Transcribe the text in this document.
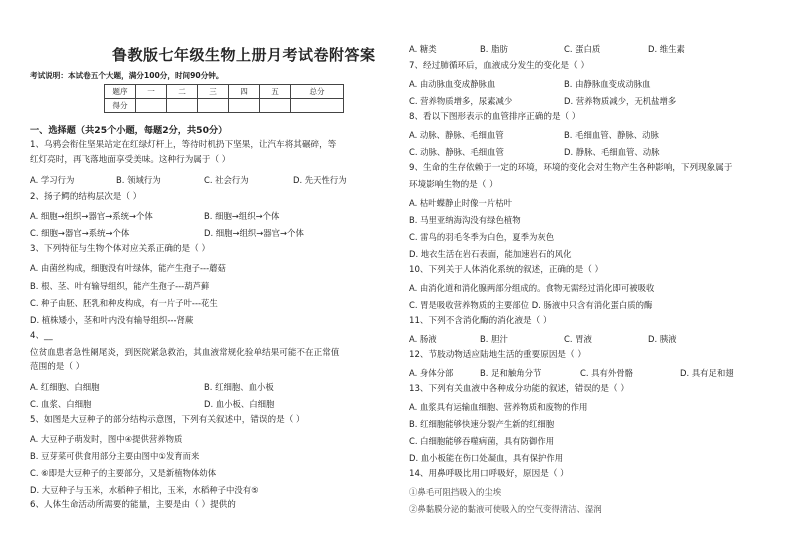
鲁教版七年级生物上册月考试卷附答案
考试说明：本试卷五个大题，满分100分，时间90分钟。
题序	一	二	三	四	五	总分
得分						
一、选择题（共25个小题，每题2分，共50分）
1、乌鸦会衔住坚果站定在红绿灯杆上，等待时机扔下坚果，让汽车将其碾碎，等
红灯亮时，再飞落地面享受美味。这种行为属于（ ）
A. 学习行为	B. 领域行为	C. 社会行为	D. 先天性行为
2、扬子鳄的结构层次是（ ）
A. 细胞→组织→器官→系统→个体	B. 细胞→组织→个体
C. 细胞→器官→系统→个体	D. 细胞→组织→器官→个体
3、下列特征与生物个体对应关系正确的是（ ）
A. 由菌丝构成，细胞没有叶绿体，能产生孢子---蘑菇
B. 根、茎、叶有输导组织，能产生孢子---葫芦藓
C. 种子由胚、胚乳和种皮构成，有一片子叶---花生
D. 植株矮小，茎和叶内没有输导组织---肾蕨
4、__
位贫血患者急性阑尾炎，到医院紧急救治，其血液常规化验单结果可能不在正常值
范围的是（ ）
A. 红细胞、白细胞	B. 红细胞、血小板
C. 血浆、白细胞	D. 血小板、白细胞
5、如图是大豆种子的部分结构示意图，下列有关叙述中，错误的是（ ）
A. 大豆种子萌发时，图中④提供营养物质
B. 豆芽菜可供食用部分主要由图中①发育而来
C. ⑥即是大豆种子的主要部分，又是新植物体幼体
D. 大豆种子与玉米，水稻种子相比，玉米，水稻种子中没有⑤
6、人体生命活动所需要的能量，主要是由（ ）提供的
A. 糖类	B. 脂肪	C. 蛋白质	D. 维生素
7、经过肺循环后，血液成分发生的变化是（ ）
A. 由动脉血变成静脉血	B. 由静脉血变成动脉血
C. 营养物质增多，尿素减少	D. 营养物质减少，无机盐增多
8、看以下图形表示的血管排序正确的是（ ）
A. 动脉、静脉、毛细血管	B. 毛细血管、静脉、动脉
C. 动脉、静脉、毛细血管	D. 静脉、毛细血管、动脉
9、生命的生存依赖于一定的环境，环境的变化会对生物产生各种影响，下列现象属于
环境影响生物的是（ ）
A. 枯叶蝶静止时像一片枯叶
B. 马里亚纳海沟没有绿色植物
C. 雷鸟的羽毛冬季为白色，夏季为灰色
D. 地衣生活在岩石表面，能加速岩石的风化
10、下列关于人体消化系统的叙述，正确的是（ ）
A. 由消化道和消化腺两部分组成的。食物无需经过消化即可被吸收
C. 胃是吸收营养物质的主要部位 D. 肠液中只含有消化蛋白质的酶
11、下列不含消化酶的消化液是（ ）
A. 肠液	B. 胆汁	C. 胃液	D. 胰液
12、节肢动物适应陆地生活的重要原因是（ ）
A. 身体分部	B. 足和触角分节	C. 具有外骨骼	D. 具有足和翅
13、下列有关血液中各种成分功能的叙述，错误的是（ ）
A. 血浆具有运输血细胞、营养物质和废物的作用
B. 红细胞能够快速分裂产生新的红细胞
C. 白细胞能够吞噬病菌，具有防御作用
D. 血小板能在伤口处凝血，具有保护作用
14、用鼻呼吸比用口呼吸好，原因是（ ）
①鼻毛可阻挡吸入的尘埃
②鼻黏膜分泌的黏液可使吸入的空气变得清洁、湿润
